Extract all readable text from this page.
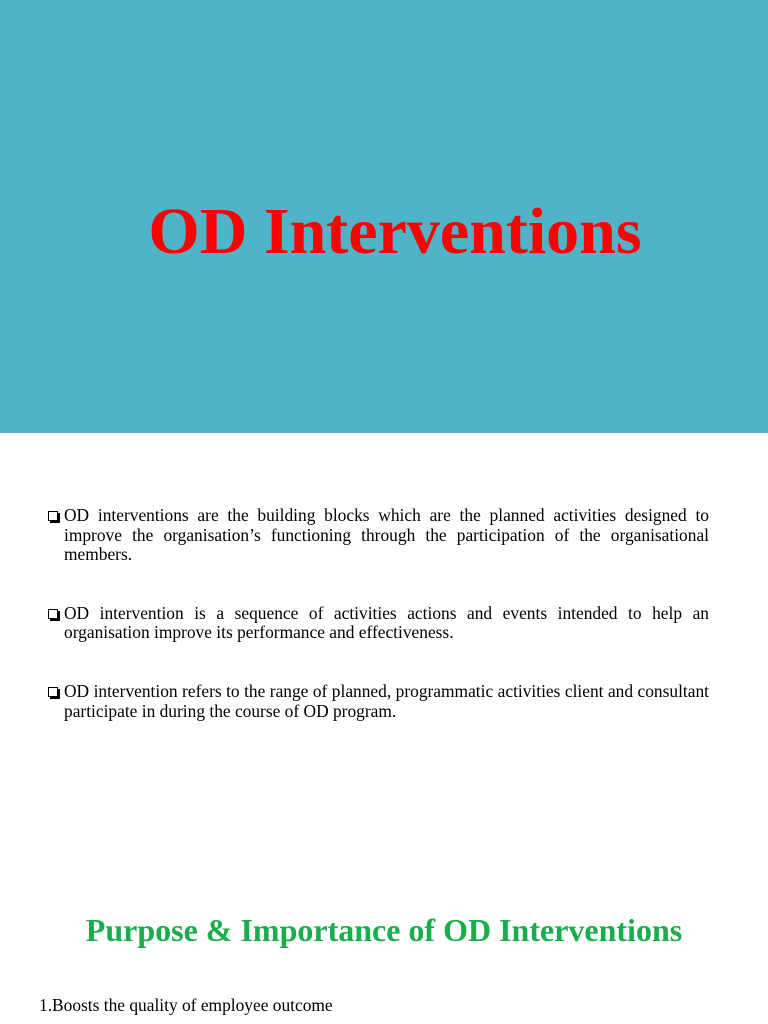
OD Interventions
OD interventions are the building blocks which are the planned activities designed to improve the organisation’s functioning through the participation of the organisational members.
OD intervention is a sequence of activities actions and events intended to help an organisation improve its performance and effectiveness.
OD intervention refers to the range of planned, programmatic activities client and consultant participate in during the course of OD program.
Purpose & Importance of OD Interventions

1.Boosts the quality of employee outcome
